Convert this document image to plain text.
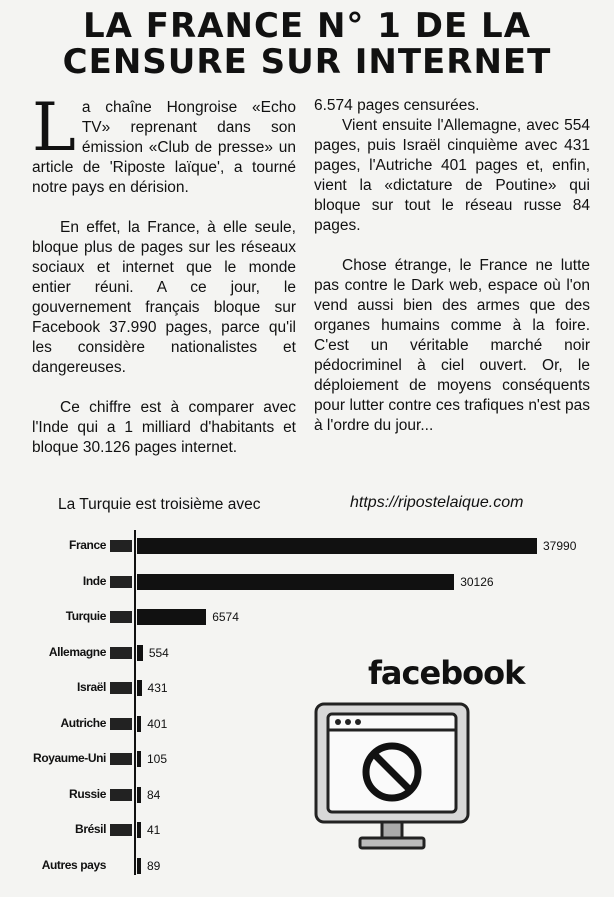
LA FRANCE N° 1 DE LA
CENSURE SUR INTERNET

L a chaîne Hongroise «Echo TV» reprenant dans son émission «Club de presse» un article de 'Riposte laïque', a tourné notre pays en dérision.

En effet, la France, à elle seule, bloque plus de pages sur les réseaux sociaux et internet que le monde entier réuni. A ce jour, le gouvernement français bloque sur Facebook 37.990 pages, parce qu'il les considère nationalistes et dangereuses.

Ce chiffre est à comparer avec l'Inde qui a 1 milliard d'habitants et bloque 30.126 pages internet.

La Turquie est troisième avec

6.574 pages censurées.

Vient ensuite l'Allemagne, avec 554 pages, puis Israël cinquième avec 431 pages, l'Autriche 401 pages et, enfin, vient la «dictature de Poutine» qui bloque sur tout le réseau russe 84 pages.

Chose étrange, le France ne lutte pas contre le Dark web, espace où l'on vend aussi bien des armes que des organes humains comme à la foire. C'est un véritable marché noir pédocriminel à ciel ouvert. Or, le déploiement de moyens conséquents pour lutter contre ces trafiques n'est pas à l'ordre du jour...

https://ripostelaique.com
France	37990
Inde	30126
Turquie	6574
Allemagne	554
Israël	431
Autriche	401
Royaume-Uni	105
Russie	84
Brésil	41
Autres pays	89
facebook
